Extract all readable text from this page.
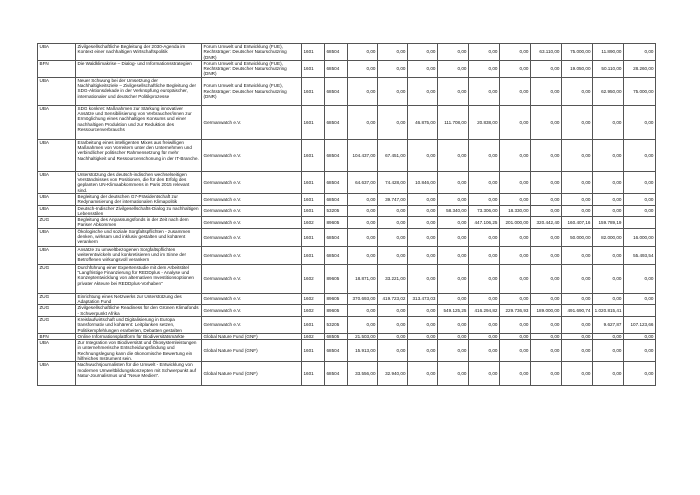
UBA	Zivilgesellschaftliche Begleitung der 2030-Agenda im Kontext einer nachhaltigen Wirtschaftspolitik	Forum Umwelt und Entwicklung (FUE), Rechtsträger: Deutscher Naturschutzring (DNR)	1601	68504	0,00	0,00	0,00	0,00	0,00	0,00	63.110,00	75.000,00	11.890,00	0,00
BFN	Die Waldklimakrise – Dialog- und Informationsstrategien	Forum Umwelt und Entwicklung (FUE), Rechtsträger: Deutscher Naturschutzring (DNR)	1601	68504	0,00	0,00	0,00	0,00	0,00	0,00	0,00	19.050,00	50.110,00	28.260,00
UBA	Neuer Schwung bei der Umsetzung der Nachhaltigkeitsziele – Zivilgesellschaftliche Begleitung der SDG-Aktionsdekade in der Verknüpfung europäischer, internationaler und deutscher Politikprozesse	Forum Umwelt und Entwicklung (FUE), Rechtsträger: Deutscher Naturschutzring (DNR)	1601	68504	0,00	0,00	0,00	0,00	0,00	0,00	0,00	0,00	62.950,00	75.000,00
UBA	SDG konkret: Maßnahmen zur Stärkung innovativer Ansätze und Sensibilisierung von Verbraucher/innen zur Ermöglichung eines nachhaltigen Konsums und einer nachhaltigen Produktion und zur Reduktion des Ressourcenverbrauchs	Germanwatch e.V.	1601	68504	0,00	0,00	46.875,00	111.708,00	20.838,00	0,00	0,00	0,00	0,00	0,00
UBA	Erarbeitung eines intelligenten Mixes aus freiwilligen Maßnahmen von Vorreitern unter den Unternehmen und verbindlicher politischer Rahmensetzung für mehr Nachhaltigkeit und Ressourcenschonung in der IT-Branche.	Germanwatch e.V.	1601	68504	104.437,00	67.451,00	0,00	0,00	0,00	0,00	0,00	0,00	0,00	0,00
UBA	Unterstützung des deutsch-indischen wechselseitigen Verständnisses von Positionen, die für den Erfolg des geplanten UN-Klimaabkommens in Paris 2015 relevant sind.	Germanwatch e.V.	1601	68504	64.637,00	74.428,00	10.846,00	0,00	0,00	0,00	0,00	0,00	0,00	0,00
UBA	Begleitung der deutschen G7-Präsidentschaft zur Redynamisierung der internationalen Klimapolitik	Germanwatch e.V.	1601	68504	0,00	39.747,00	0,00	0,00	0,00	0,00	0,00	0,00	0,00	0,00
UBA	Deutsch-Indischer Zivilgesellschafts-Dialog zu nachhaltigen Lebensstilen	Germanwatch e.V.	1601	53205	0,00	0,00	0,00	58.340,00	73.306,00	18.330,00	0,00	0,00	0,00	0,00
ZUG	Begleitung des Anpassungsfonds in der Zeit nach dem Pariser Abkommen	Germanwatch e.V.	1602	89605	0,00	0,00	0,00	0,00	447.106,25	201.000,00	320.442,40	160.407,16	159.789,19	
UBA	Ökologische und soziale Sorgfaltspflichten - zusammen denken, wirksam und inklusiv gestalten und kohärent verankern	Germanwatch e.V.	1601	68504	0,00	0,00	0,00	0,00	0,00	0,00	0,00	50.000,00	82.000,00	16.000,00
UBA	Ansätze zu umweltbezogenen Sorgfaltspflichten weiterentwickeln und konkretisieren und im Sinne der Betroffenen wirkungsvoll verankern	Germanwatch e.V.	1601	68504	0,00	0,00	0,00	0,00	0,00	0,00	0,00	0,00	0,00	55.493,54
ZUG	Durchführung einer Expertenstudie mit dem Arbeitstitel "Langfristige Finanzierung für REDDplus - Analyse und Konzeptentwicklung von alternativen Investitionsoptionen privater Akteure bei REDDplus-Vorhaben"	Germanwatch e.V.	1602	89605	18.871,00	33.221,00	0,00	0,00	0,00	0,00	0,00	0,00	0,00	0,00
ZUG	Einrichtung eines Netzwerks zur Unterstützung des Adaptation Fund	Germanwatch e.V.	1602	89605	370.693,00	419.723,02	313.473,03	0,00	0,00	0,00	0,00	0,00	0,00	0,00
ZUG	Zivilgesellschaftliche Readiness für den Grünen Klimafonds - Schwerpunkt Afrika	Germanwatch e.V.	1602	89605	0,00	0,00	0,00	549.125,25	416.294,82	229.736,93	189.000,00	491.690,74	1.020.815,41	
ZUG	Kreislaufwirtschaft und Digitalisierung in Europa transformativ und kohärent: Leitplanken setzen, Politikempfehlungen erarbeiten, Debatten gestalten	Germanwatch e.V.	1601	53205	0,00	0,00	0,00	0,00	0,00	0,00	0,00	0,00	9.627,87	107.123,66
BFN	Online Informationsplattform für Biodiversitätsmärkte	Global Nature Fund (GNF)	1602	68505	21.503,00	0,00	0,00	0,00	0,00	0,00	0,00	0,00	0,00	0,00
UBA	Zur Integration von Biodiversität und Ökosystemleistungen in unternehmerische Entscheidungsfindung und Rechnungslegung kann die ökonomische Bewertung ein hilfreiches Instrument sein.	Global Nature Fund (GNF)	1601	68504	15.913,00	0,00	0,00	0,00	0,00	0,00	0,00	0,00	0,00	0,00
UBA	Nachwuchsjournalisten für die Umwelt - Entwicklung von modernen Umweltbildungskonzepten mit Schwerpunkt auf Natur-Journalismus und "Neue Medien".	Global Nature Fund (GNF)	1601	68504	33.556,00	32.940,00	0,00	0,00	0,00	0,00	0,00	0,00	0,00	0,00
